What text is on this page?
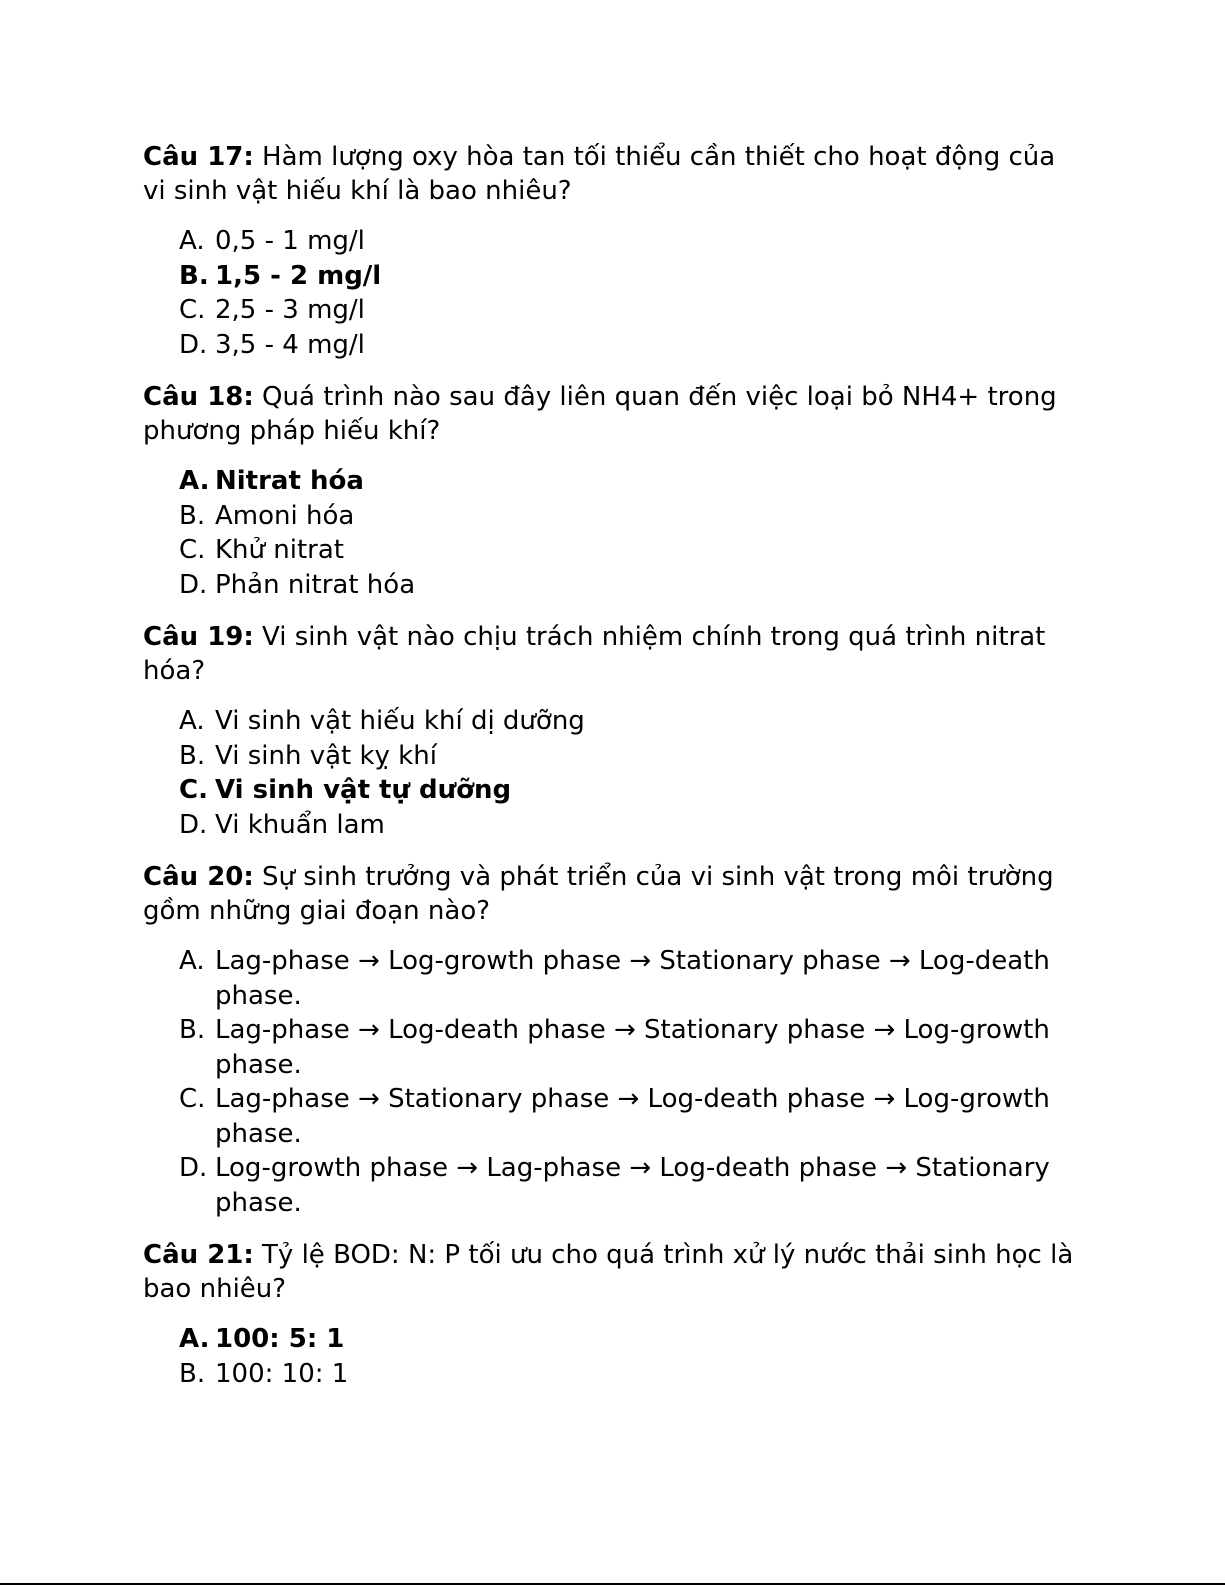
Câu 17: Hàm lượng oxy hòa tan tối thiểu cần thiết cho hoạt động của vi sinh vật hiếu khí là bao nhiêu?

A. 0,5 - 1 mg/l
B. 1,5 - 2 mg/l
C. 2,5 - 3 mg/l
D. 3,5 - 4 mg/l

Câu 18: Quá trình nào sau đây liên quan đến việc loại bỏ NH4+ trong phương pháp hiếu khí?

A. Nitrat hóa
B. Amoni hóa
C. Khử nitrat
D. Phản nitrat hóa

Câu 19: Vi sinh vật nào chịu trách nhiệm chính trong quá trình nitrat hóa?

A. Vi sinh vật hiếu khí dị dưỡng
B. Vi sinh vật kỵ khí
C. Vi sinh vật tự dưỡng
D. Vi khuẩn lam

Câu 20: Sự sinh trưởng và phát triển của vi sinh vật trong môi trường gồm những giai đoạn nào?

A. Lag-phase → Log-growth phase → Stationary phase → Log-death phase.
B. Lag-phase → Log-death phase → Stationary phase → Log-growth phase.
C. Lag-phase → Stationary phase → Log-death phase → Log-growth phase.
D. Log-growth phase → Lag-phase → Log-death phase → Stationary phase.

Câu 21: Tỷ lệ BOD: N: P tối ưu cho quá trình xử lý nước thải sinh học là bao nhiêu?

A. 100: 5: 1
B. 100: 10: 1
